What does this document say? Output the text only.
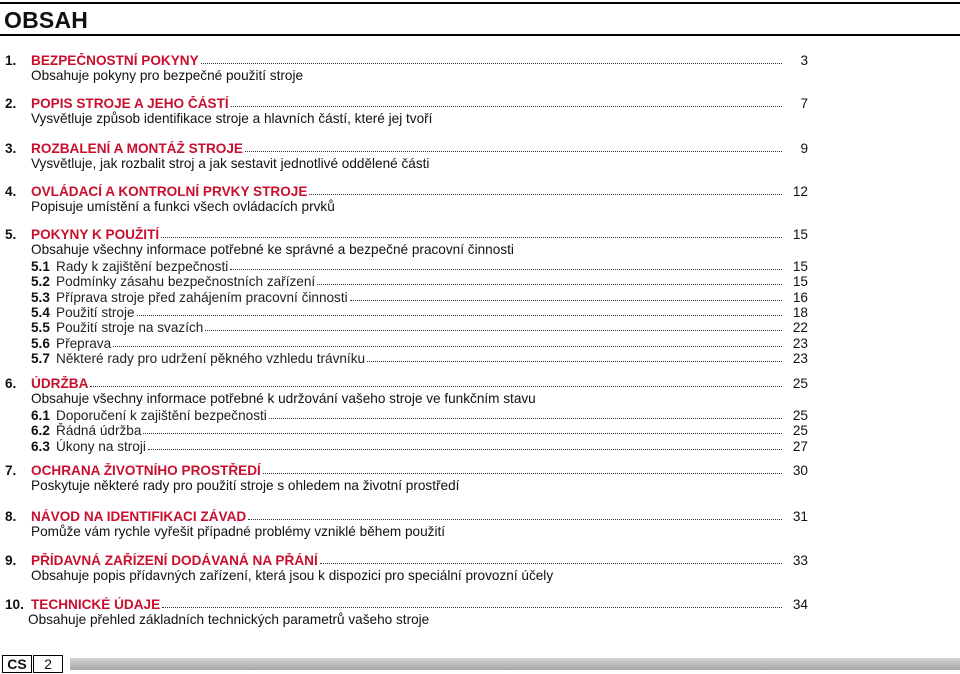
OBSAH
1.	BEZPEČNOSTNÍ POKYNY	3
Obsahuje pokyny pro bezpečné použití stroje
2.	POPIS STROJE A JEHO ČÁSTÍ	7
Vysvětluje způsob identifikace stroje a hlavních částí, které jej tvoří
3.	ROZBALENÍ A MONTÁŽ STROJE	9
Vysvětluje, jak rozbalit stroj a jak sestavit jednotlivé oddělené části
4.	OVLÁDACÍ A KONTROLNÍ PRVKY STROJE	12
Popisuje umístění a funkci všech ovládacích prvků
5.	POKYNY K POUŽITÍ	15
Obsahuje všechny informace potřebné ke správné a bezpečné pracovní činnosti
5.1 Rady k zajištění bezpečnosti	15
5.2 Podmínky zásahu bezpečnostních zařízení	15
5.3 Příprava stroje před zahájením pracovní činnosti	16
5.4 Použití stroje	18
5.5 Použití stroje na svazích	22
5.6 Přeprava	23
5.7 Některé rady pro udržení pěkného vzhledu trávníku	23
6.	ÚDRŽBA	25
Obsahuje všechny informace potřebné k udržování vašeho stroje ve funkčním stavu
6.1 Doporučení k zajištění bezpečnosti	25
6.2 Řádná údržba	25
6.3 Úkony na stroji	27
7.	OCHRANA ŽIVOTNÍHO PROSTŘEDÍ	30
Poskytuje některé rady pro použití stroje s ohledem na životní prostředí
8.	NÁVOD NA IDENTIFIKACI ZÁVAD	31
Pomůže vám rychle vyřešit případné problémy vzniklé během použití
9.	PŘÍDAVNÁ ZAŘÍZENÍ DODÁVANÁ NA PŘÁNÍ	33
Obsahuje popis přídavných zařízení, která jsou k dispozici pro speciální provozní účely
10. TECHNICKÉ ÚDAJE	34
Obsahuje přehled základních technických parametrů vašeho stroje
CS	2
